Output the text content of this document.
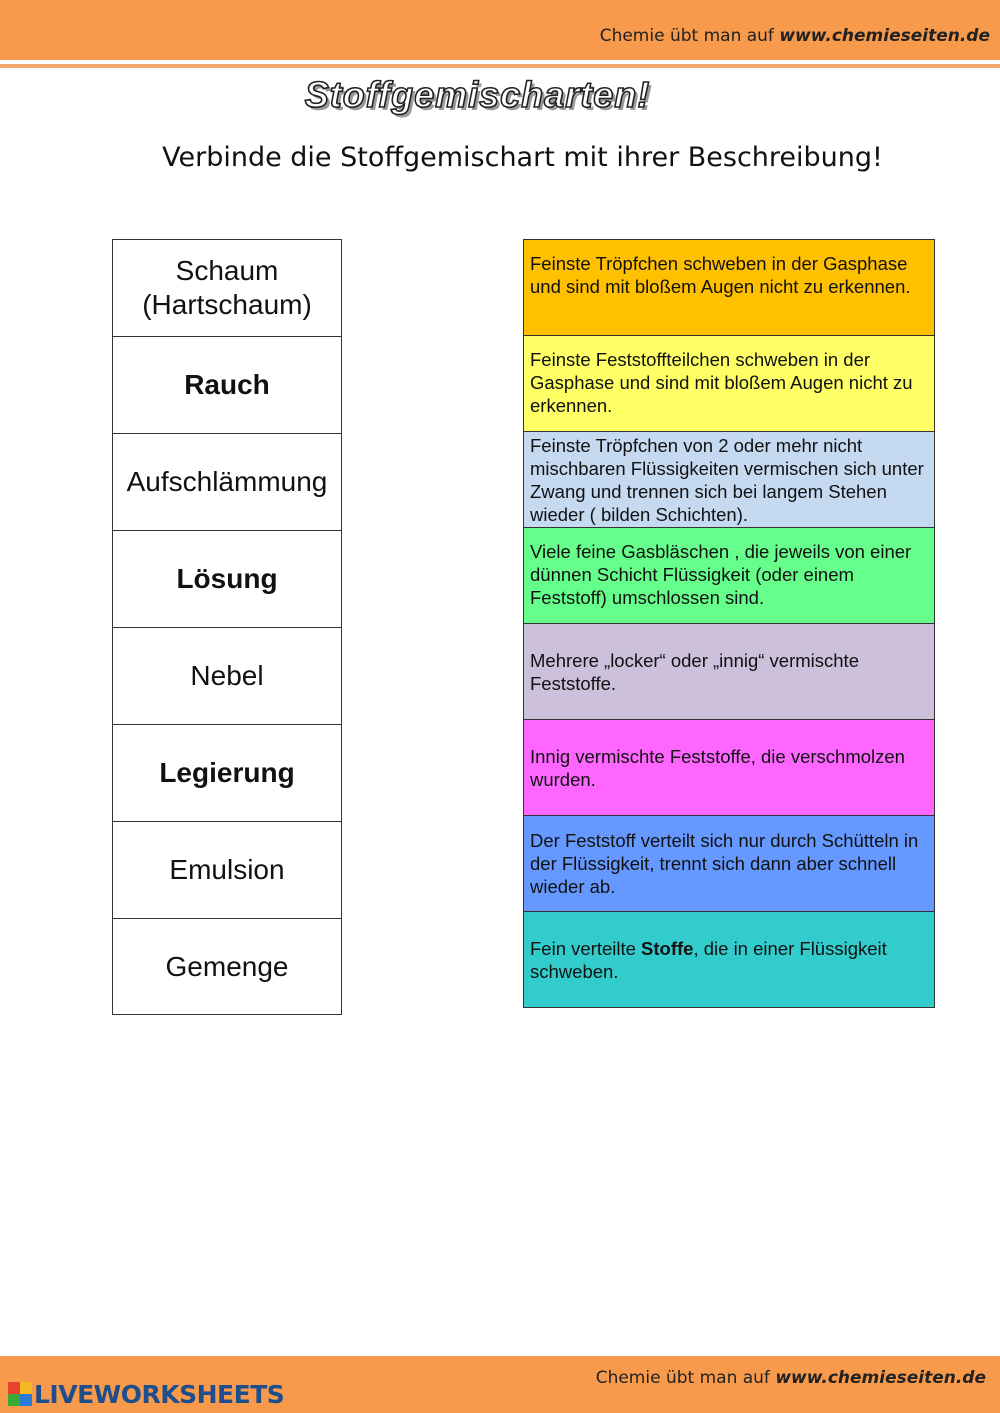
Chemie übt man auf www.chemieseiten.de
Stoffgemischarten!
Verbinde die Stoffgemischart mit ihrer Beschreibung!
Schaum
(Hartschaum)
Rauch
Aufschlämmung
Lösung
Nebel
Legierung
Emulsion
Gemenge
Feinste Tröpfchen schweben in der Gasphase und sind mit bloßem Augen nicht zu erkennen.
Feinste Feststoffteilchen schweben in der Gasphase und sind mit bloßem Augen nicht zu erkennen.
Feinste Tröpfchen von 2 oder mehr nicht mischbaren Flüssigkeiten vermischen sich unter Zwang und trennen sich bei langem Stehen wieder ( bilden Schichten).
Viele feine Gasbläschen , die jeweils von einer dünnen Schicht Flüssigkeit (oder einem Feststoff) umschlossen sind.
Mehrere „locker“ oder „innig“ vermischte Feststoffe.
Innig vermischte Feststoffe, die verschmolzen wurden.
Der Feststoff verteilt sich nur durch Schütteln in der Flüssigkeit, trennt sich dann aber schnell wieder ab.
Fein verteilte Stoffe, die in einer Flüssigkeit schweben.
Chemie übt man auf www.chemieseiten.de
LIVEWORKSHEETS
